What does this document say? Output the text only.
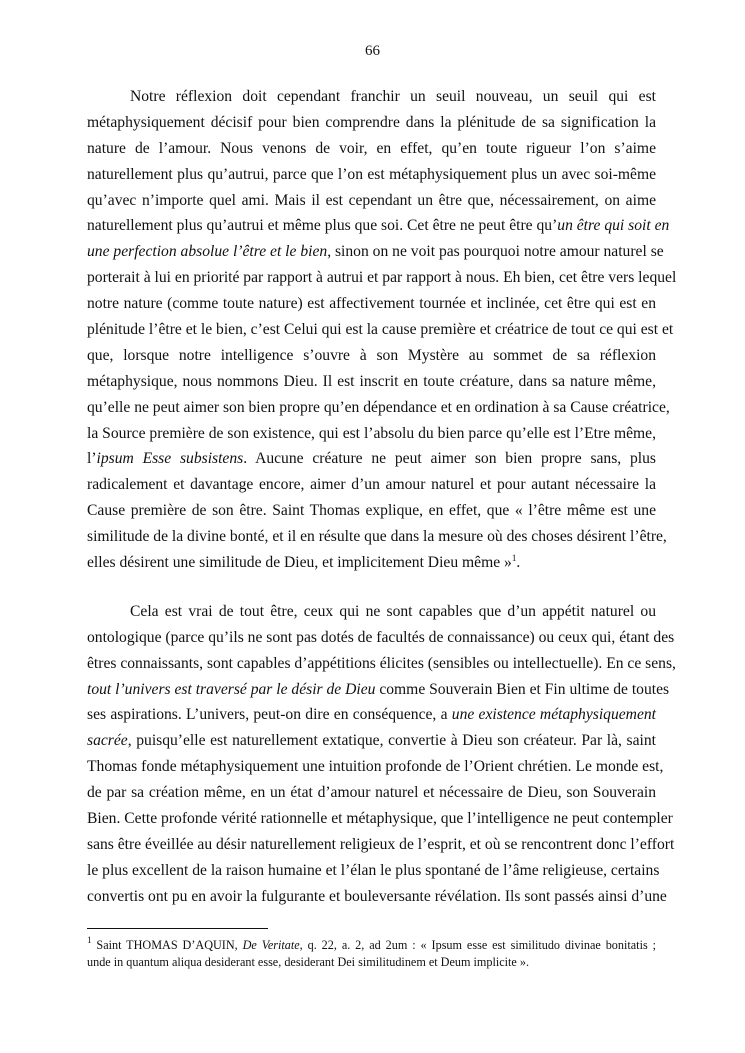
66
Notre réflexion doit cependant franchir un seuil nouveau, un seuil qui est
métaphysiquement décisif pour bien comprendre dans la plénitude de sa signification la
nature de l’amour. Nous venons de voir, en effet, qu’en toute rigueur l’on s’aime
naturellement plus qu’autrui, parce que l’on est métaphysiquement plus un avec soi-même
qu’avec n’importe quel ami. Mais il est cependant un être que, nécessairement, on aime
naturellement plus qu’autrui et même plus que soi. Cet être ne peut être qu’un être qui soit en
une perfection absolue l’être et le bien, sinon on ne voit pas pourquoi notre amour naturel se
porterait à lui en priorité par rapport à autrui et par rapport à nous. Eh bien, cet être vers lequel
notre nature (comme toute nature) est affectivement tournée et inclinée, cet être qui est en
plénitude l’être et le bien, c’est Celui qui est la cause première et créatrice de tout ce qui est et
que, lorsque notre intelligence s’ouvre à son Mystère au sommet de sa réflexion
métaphysique, nous nommons Dieu. Il est inscrit en toute créature, dans sa nature même,
qu’elle ne peut aimer son bien propre qu’en dépendance et en ordination à sa Cause créatrice,
la Source première de son existence, qui est l’absolu du bien parce qu’elle est l’Etre même,
l’ipsum Esse subsistens. Aucune créature ne peut aimer son bien propre sans, plus
radicalement et davantage encore, aimer d’un amour naturel et pour autant nécessaire la
Cause première de son être. Saint Thomas explique, en effet, que « l’être même est une
similitude de la divine bonté, et il en résulte que dans la mesure où des choses désirent l’être,
elles désirent une similitude de Dieu, et implicitement Dieu même »$^1$.
Cela est vrai de tout être, ceux qui ne sont capables que d’un appétit naturel ou
ontologique (parce qu’ils ne sont pas dotés de facultés de connaissance) ou ceux qui, étant des
êtres connaissants, sont capables d’appétitions élicites (sensibles ou intellectuelle). En ce sens,
tout l’univers est traversé par le désir de Dieu comme Souverain Bien et Fin ultime de toutes
ses aspirations. L’univers, peut-on dire en conséquence, a une existence métaphysiquement
sacrée, puisqu’elle est naturellement extatique, convertie à Dieu son créateur. Par là, saint
Thomas fonde métaphysiquement une intuition profonde de l’Orient chrétien. Le monde est,
de par sa création même, en un état d’amour naturel et nécessaire de Dieu, son Souverain
Bien. Cette profonde vérité rationnelle et métaphysique, que l’intelligence ne peut contempler
sans être éveillée au désir naturellement religieux de l’esprit, et où se rencontrent donc l’effort
le plus excellent de la raison humaine et l’élan le plus spontané de l’âme religieuse, certains
convertis ont pu en avoir la fulgurante et bouleversante révélation. Ils sont passés ainsi d’une
$^1$ Saint THOMAS D’AQUIN, De Veritate, q. 22, a. 2, ad 2um : « Ipsum esse est similitudo divinae bonitatis ;
unde in quantum aliqua desiderant esse, desiderant Dei similitudinem et Deum implicite ».
